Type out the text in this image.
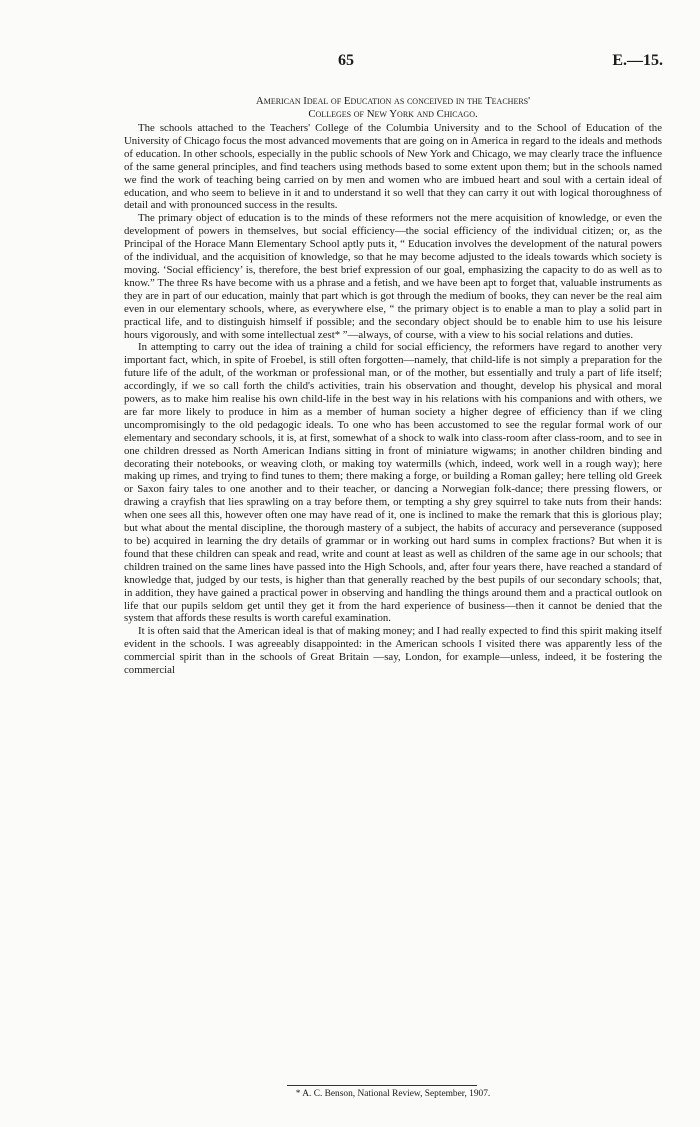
65	E.—15.
American Ideal of Education as conceived in the Teachers'
Colleges of New York and Chicago.

The schools attached to the Teachers' College of the Columbia University and to the School of Education of the University of Chicago focus the most advanced movements that are going on in America in regard to the ideals and methods of education. In other schools, especially in the public schools of New York and Chicago, we may clearly trace the influence of the same general principles, and find teachers using methods based to some extent upon them; but in the schools named we find the work of teaching being carried on by men and women who are imbued heart and soul with a certain ideal of education, and who seem to believe in it and to understand it so well that they can carry it out with logical thoroughness of detail and with pronounced success in the results.

The primary object of education is to the minds of these reformers not the mere acquisition of knowledge, or even the development of powers in themselves, but social efficiency—the social efficiency of the individual citizen; or, as the Principal of the Horace Mann Elementary School aptly puts it, “ Education involves the development of the natural powers of the individual, and the acquisition of knowledge, so that he may become adjusted to the ideals towards which society is moving. ‘Social efficiency’ is, therefore, the best brief expression of our goal, emphasizing the capacity to do as well as to know.” The three Rs have become with us a phrase and a fetish, and we have been apt to forget that, valuable instruments as they are in part of our education, mainly that part which is got through the medium of books, they can never be the real aim even in our elementary schools, where, as everywhere else, “ the primary object is to enable a man to play a solid part in practical life, and to distinguish himself if possible; and the secondary object should be to enable him to use his leisure hours vigorously, and with some intellectual zest* ”—always, of course, with a view to his social relations and duties.

In attempting to carry out the idea of training a child for social efficiency, the reformers have regard to another very important fact, which, in spite of Froebel, is still often forgotten—namely, that child-life is not simply a preparation for the future life of the adult, of the workman or professional man, or of the mother, but essentially and truly a part of life itself; accordingly, if we so call forth the child's activities, train his observation and thought, develop his physical and moral powers, as to make him realise his own child-life in the best way in his relations with his companions and with others, we are far more likely to produce in him as a member of human society a higher degree of efficiency than if we cling uncompromisingly to the old pedagogic ideals. To one who has been accustomed to see the regular formal work of our elementary and secondary schools, it is, at first, somewhat of a shock to walk into class-room after class-room, and to see in one children dressed as North American Indians sitting in front of miniature wigwams; in another children binding and decorating their notebooks, or weaving cloth, or making toy watermills (which, indeed, work well in a rough way); here making up rimes, and trying to find tunes to them; there making a forge, or building a Roman galley; here telling old Greek or Saxon fairy tales to one another and to their teacher, or dancing a Norwegian folk-dance; there pressing flowers, or drawing a crayfish that lies sprawling on a tray before them, or tempting a shy grey squirrel to take nuts from their hands: when one sees all this, however often one may have read of it, one is inclined to make the remark that this is glorious play; but what about the mental discipline, the thorough mastery of a subject, the habits of accuracy and perseverance (supposed to be) acquired in learning the dry details of grammar or in working out hard sums in complex fractions? But when it is found that these children can speak and read, write and count at least as well as children of the same age in our schools; that children trained on the same lines have passed into the High Schools, and, after four years there, have reached a standard of knowledge that, judged by our tests, is higher than that generally reached by the best pupils of our secondary schools; that, in addition, they have gained a practical power in observing and handling the things around them and a practical outlook on life that our pupils seldom get until they get it from the hard experience of business—then it cannot be denied that the system that affords these results is worth careful examination.

It is often said that the American ideal is that of making money; and I had really expected to find this spirit making itself evident in the schools. I was agreeably disappointed: in the American schools I visited there was apparently less of the commercial spirit than in the schools of Great Britain —say, London, for example—unless, indeed, it be fostering the commercial

* A. C. Benson, National Review, September, 1907.
